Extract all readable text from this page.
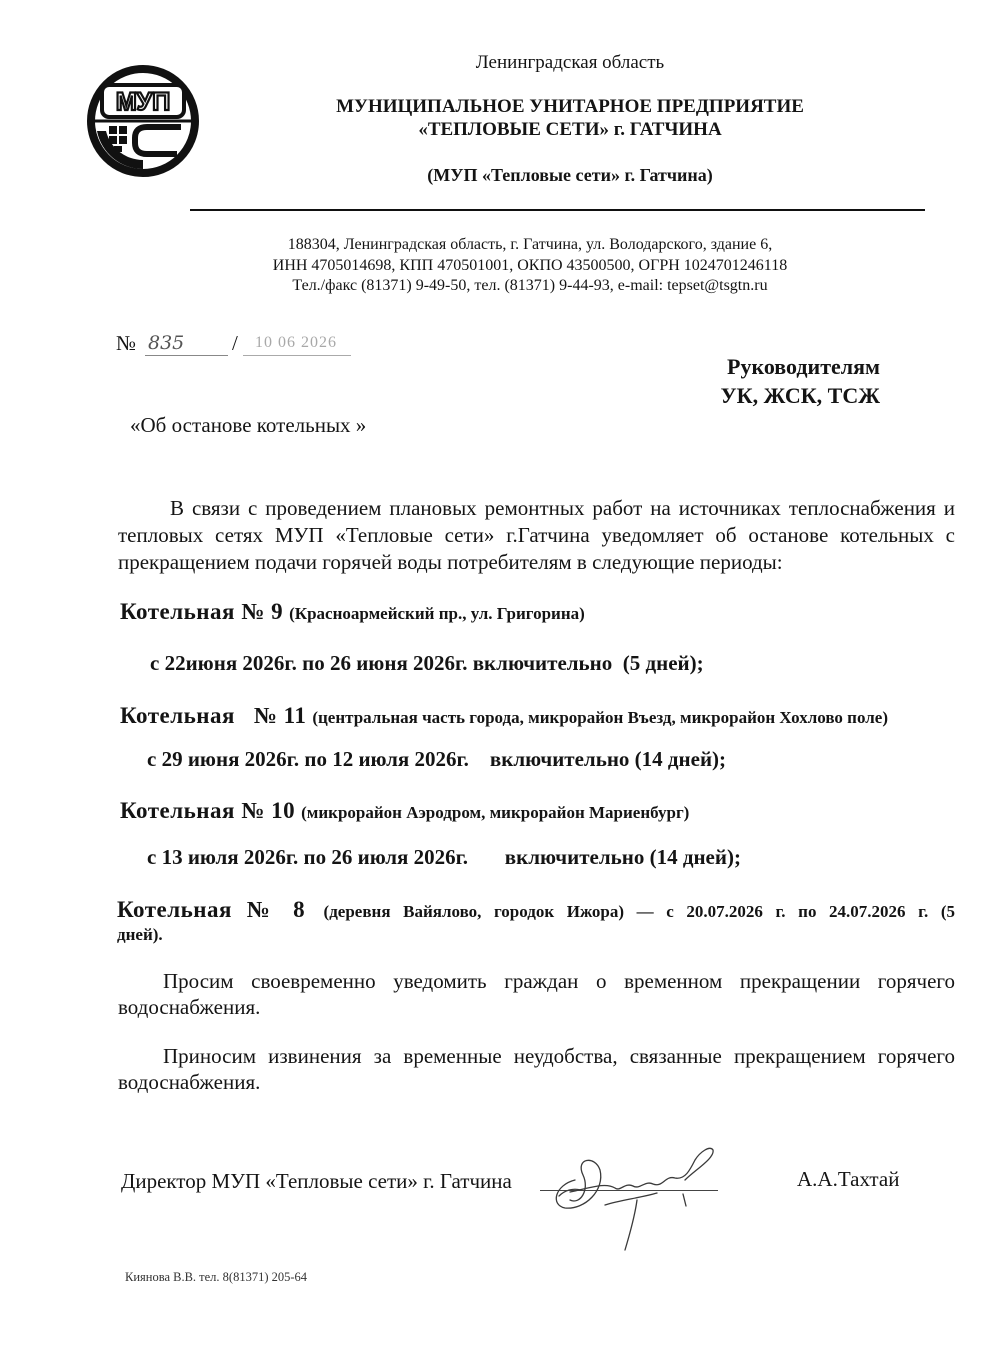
МУП
Ленинградская область
МУНИЦИПАЛЬНОЕ УНИТАРНОЕ ПРЕДПРИЯТИЕ
«ТЕПЛОВЫЕ СЕТИ» г. ГАТЧИНА
(МУП «Тепловые сети» г. Гатчина)
188304, Ленинградская область, г. Гатчина, ул. Володарского, здание 6,
ИНН 4705014698, КПП 470501001, ОКПО 43500500, ОГРН 1024701246118
Тел./факс (81371) 9-49-50, тел. (81371) 9-44-93, e-mail: tepset@tsgtn.ru
№ 835	/	10 06 2026
Руководителям
УК, ЖСК, ТСЖ
«Об останове котельных »
В связи с проведением плановых ремонтных работ на источниках теплоснабжения и
тепловых сетях МУП «Тепловые сети» г.Гатчина уведомляет об останове котельных с
прекращением подачи горячей воды потребителям в следующие периоды:
Котельная № 9 (Красноармейский пр., ул. Григорина)
с 22июня 2026г. по 26 июня 2026г. включительно  (5 дней);
Котельная   № 11 (центральная часть города, микрорайон Въезд, микрорайон Хохлово поле)
с 29 июня 2026г. по 12 июля 2026г.    включительно (14 дней);
Котельная № 10 (микрорайон Аэродром, микрорайон Мариенбург)
с 13 июля 2026г. по 26 июля 2026г.       включительно (14 дней);
Котельная № 8 (деревня Вайялово, городок Ижора) — с 20.07.2026 г. по 24.07.2026 г. (5
дней).
Просим своевременно уведомить граждан о временном прекращении горячего
водоснабжения.
Приносим извинения за временные неудобства, связанные прекращением горячего
водоснабжения.
Директор МУП «Тепловые сети» г. Гатчина	А.А.Тахтай
Киянова В.В. тел. 8(81371) 205-64
